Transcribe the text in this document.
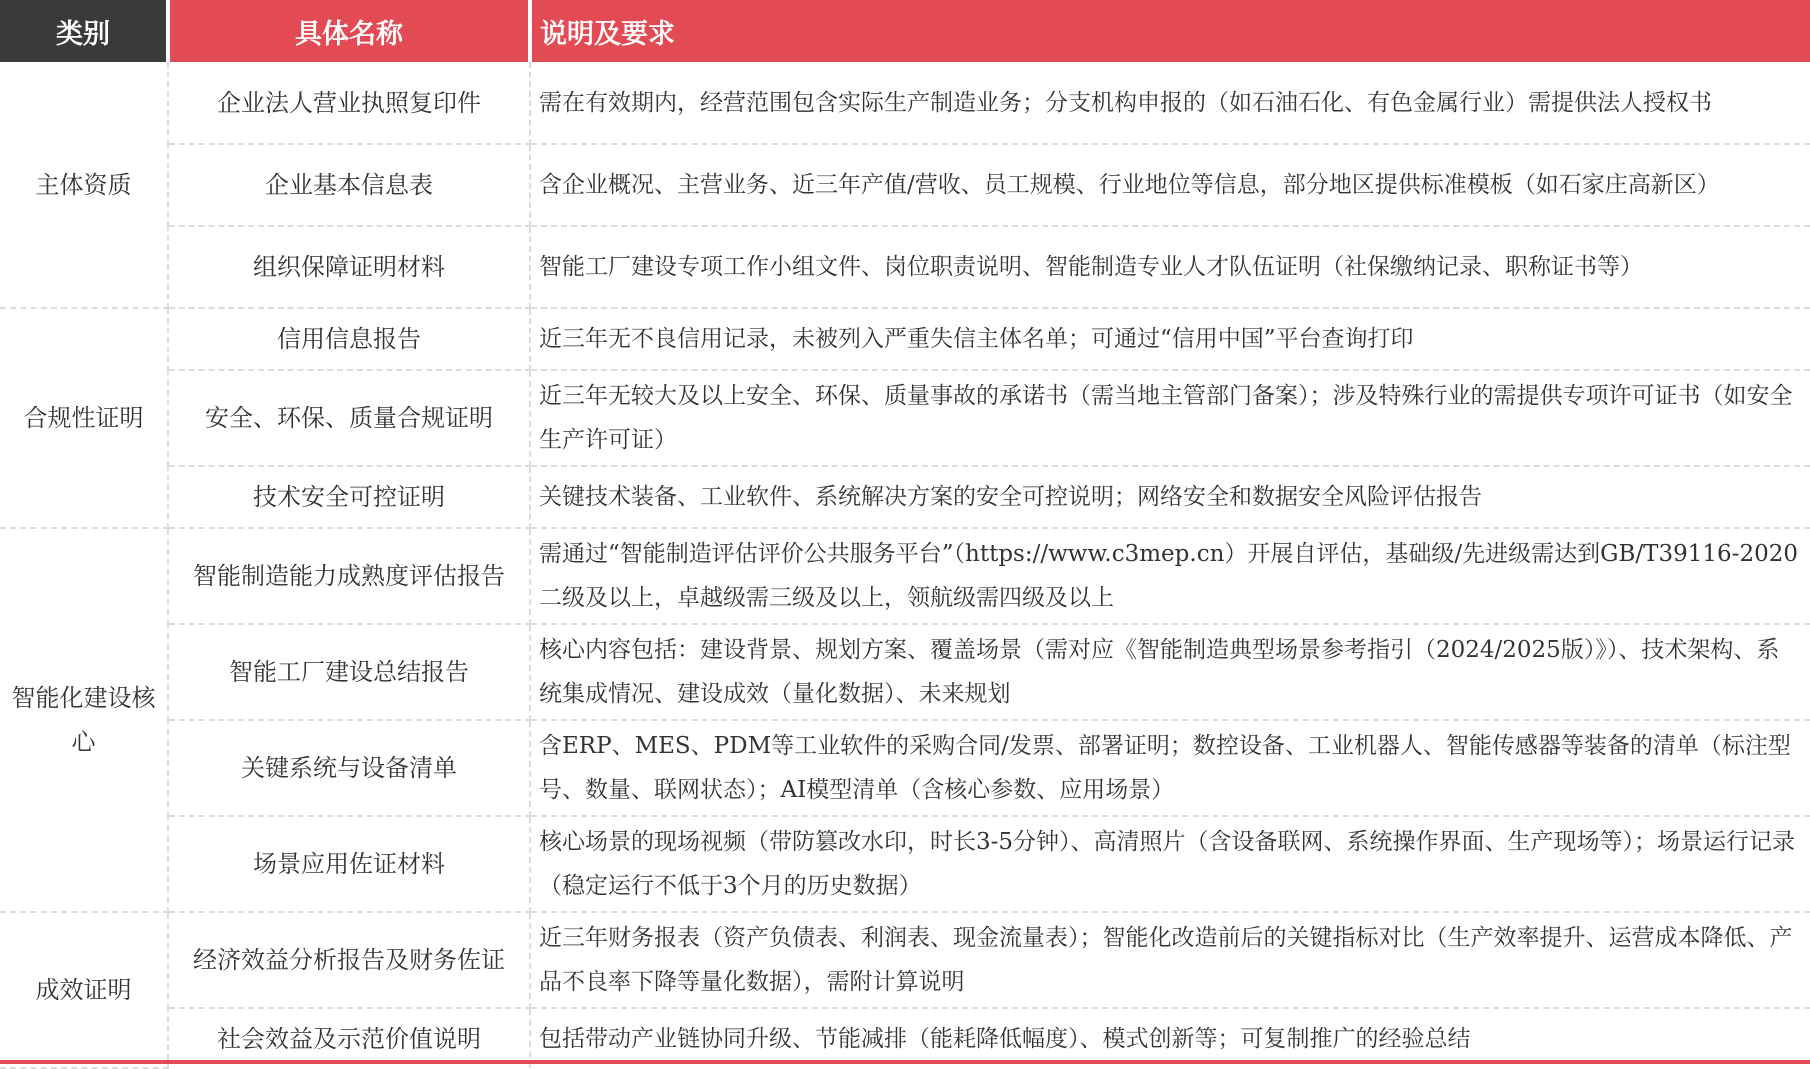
类别	具体名称	说明及要求
主体资质	企业法人营业执照复印件	需在有效期内，经营范围包含实际生产制造业务；分支机构申报的（如石油石化、有色金属行业）需提供法人授权书
	企业基本信息表	含企业概况、主营业务、近三年产值/营收、员工规模、行业地位等信息，部分地区提供标准模板（如石家庄高新区）
	组织保障证明材料	智能工厂建设专项工作小组文件、岗位职责说明、智能制造专业人才队伍证明（社保缴纳记录、职称证书等）
合规性证明	信用信息报告	近三年无不良信用记录，未被列入严重失信主体名单；可通过“信用中国”平台查询打印
	安全、环保、质量合规证明	近三年无较大及以上安全、环保、质量事故的承诺书（需当地主管部门备案）；涉及特殊行业的需提供专项许可证书（如安全生产许可证）
	技术安全可控证明	关键技术装备、工业软件、系统解决方案的安全可控说明；网络安全和数据安全风险评估报告
智能化建设核心	智能制造能力成熟度评估报告	需通过“智能制造评估评价公共服务平台”（https://www.c3mep.cn）开展自评估，基础级/先进级需达到GB/T39116-2020二级及以上，卓越级需三级及以上，领航级需四级及以上
	智能工厂建设总结报告	核心内容包括：建设背景、规划方案、覆盖场景（需对应《智能制造典型场景参考指引（2024/2025版）》）、技术架构、系统集成情况、建设成效（量化数据）、未来规划
	关键系统与设备清单	含ERP、MES、PDM等工业软件的采购合同/发票、部署证明；数控设备、工业机器人、智能传感器等装备的清单（标注型号、数量、联网状态）；AI模型清单（含核心参数、应用场景）
	场景应用佐证材料	核心场景的现场视频（带防篡改水印，时长3-5分钟）、高清照片（含设备联网、系统操作界面、生产现场等）；场景运行记录（稳定运行不低于3个月的历史数据）
成效证明	经济效益分析报告及财务佐证	近三年财务报表（资产负债表、利润表、现金流量表）；智能化改造前后的关键指标对比（生产效率提升、运营成本降低、产品不良率下降等量化数据），需附计算说明
	社会效益及示范价值说明	包括带动产业链协同升级、节能减排（能耗降低幅度）、模式创新等；可复制推广的经验总结
